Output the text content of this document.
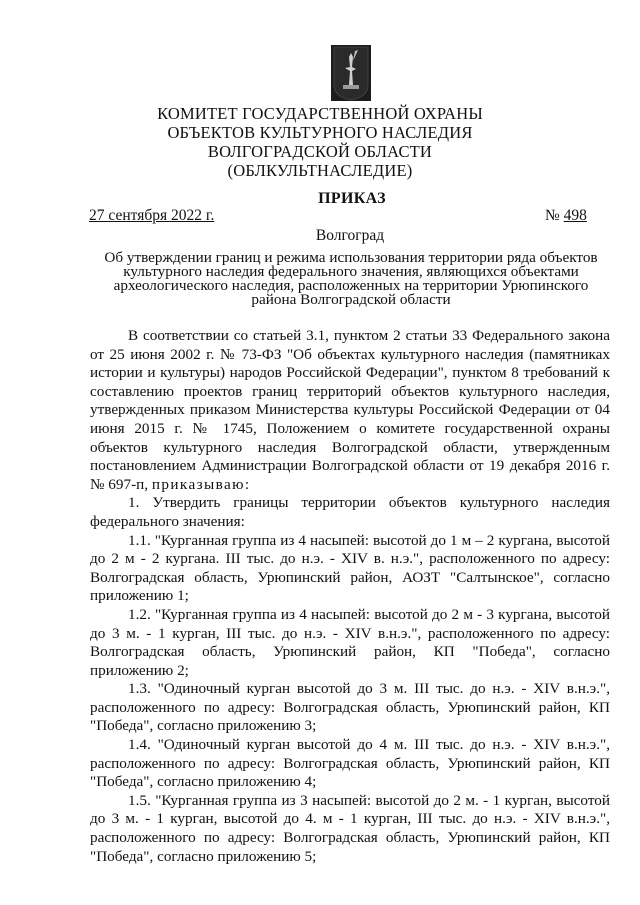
КОМИТЕТ ГОСУДАРСТВЕННОЙ ОХРАНЫ
ОБЪЕКТОВ КУЛЬТУРНОГО НАСЛЕДИЯ
ВОЛГОГРАДСКОЙ ОБЛАСТИ
(ОБЛКУЛЬТНАСЛЕДИЕ)
ПРИКАЗ
27 сентября 2022 г.	№ 498
Волгоград
Об утверждении границ и режима использования территории ряда объектов культурного наследия федерального значения, являющихся объектами археологического наследия, расположенных на территории Урюпинского района Волгоградской области

В соответствии со статьей 3.1, пунктом 2 статьи 33 Федерального закона от 25 июня 2002 г. № 73-ФЗ "Об объектах культурного наследия (памятниках истории и культуры) народов Российской Федерации", пунктом 8 требований к составлению проектов границ территорий объектов культурного наследия, утвержденных приказом Министерства культуры Российской Федерации от 04 июня 2015 г. № 1745, Положением о комитете государственной охраны объектов культурного наследия Волгоградской области, утвержденным постановлением Администрации Волгоградской области от 19 декабря 2016 г. № 697-п, приказываю:

1. Утвердить границы территории объектов культурного наследия федерального значения:

1.1. "Курганная группа из 4 насыпей: высотой до 1 м – 2 кургана, высотой до 2 м - 2 кургана. III тыс. до н.э. - XIV в. н.э.", расположенного по адресу: Волгоградская область, Урюпинский район, АОЗТ "Салтынское", согласно приложению 1;

1.2. "Курганная группа из 4 насыпей: высотой до 2 м - 3 кургана, высотой до 3 м. - 1 курган, III тыс. до н.э. - XIV в.н.э.", расположенного по адресу: Волгоградская область, Урюпинский район, КП "Победа", согласно приложению 2;

1.3. "Одиночный курган высотой до 3 м. III тыс. до н.э. - XIV в.н.э.", расположенного по адресу: Волгоградская область, Урюпинский район, КП "Победа", согласно приложению 3;

1.4. "Одиночный курган высотой до 4 м. III тыс. до н.э. - XIV в.н.э.", расположенного по адресу: Волгоградская область, Урюпинский район, КП "Победа", согласно приложению 4;

1.5. "Курганная группа из 3 насыпей: высотой до 2 м. - 1 курган, высотой до 3 м. - 1 курган, высотой до 4. м - 1 курган, III тыс. до н.э. - XIV в.н.э.", расположенного по адресу: Волгоградская область, Урюпинский район, КП "Победа", согласно приложению 5;
